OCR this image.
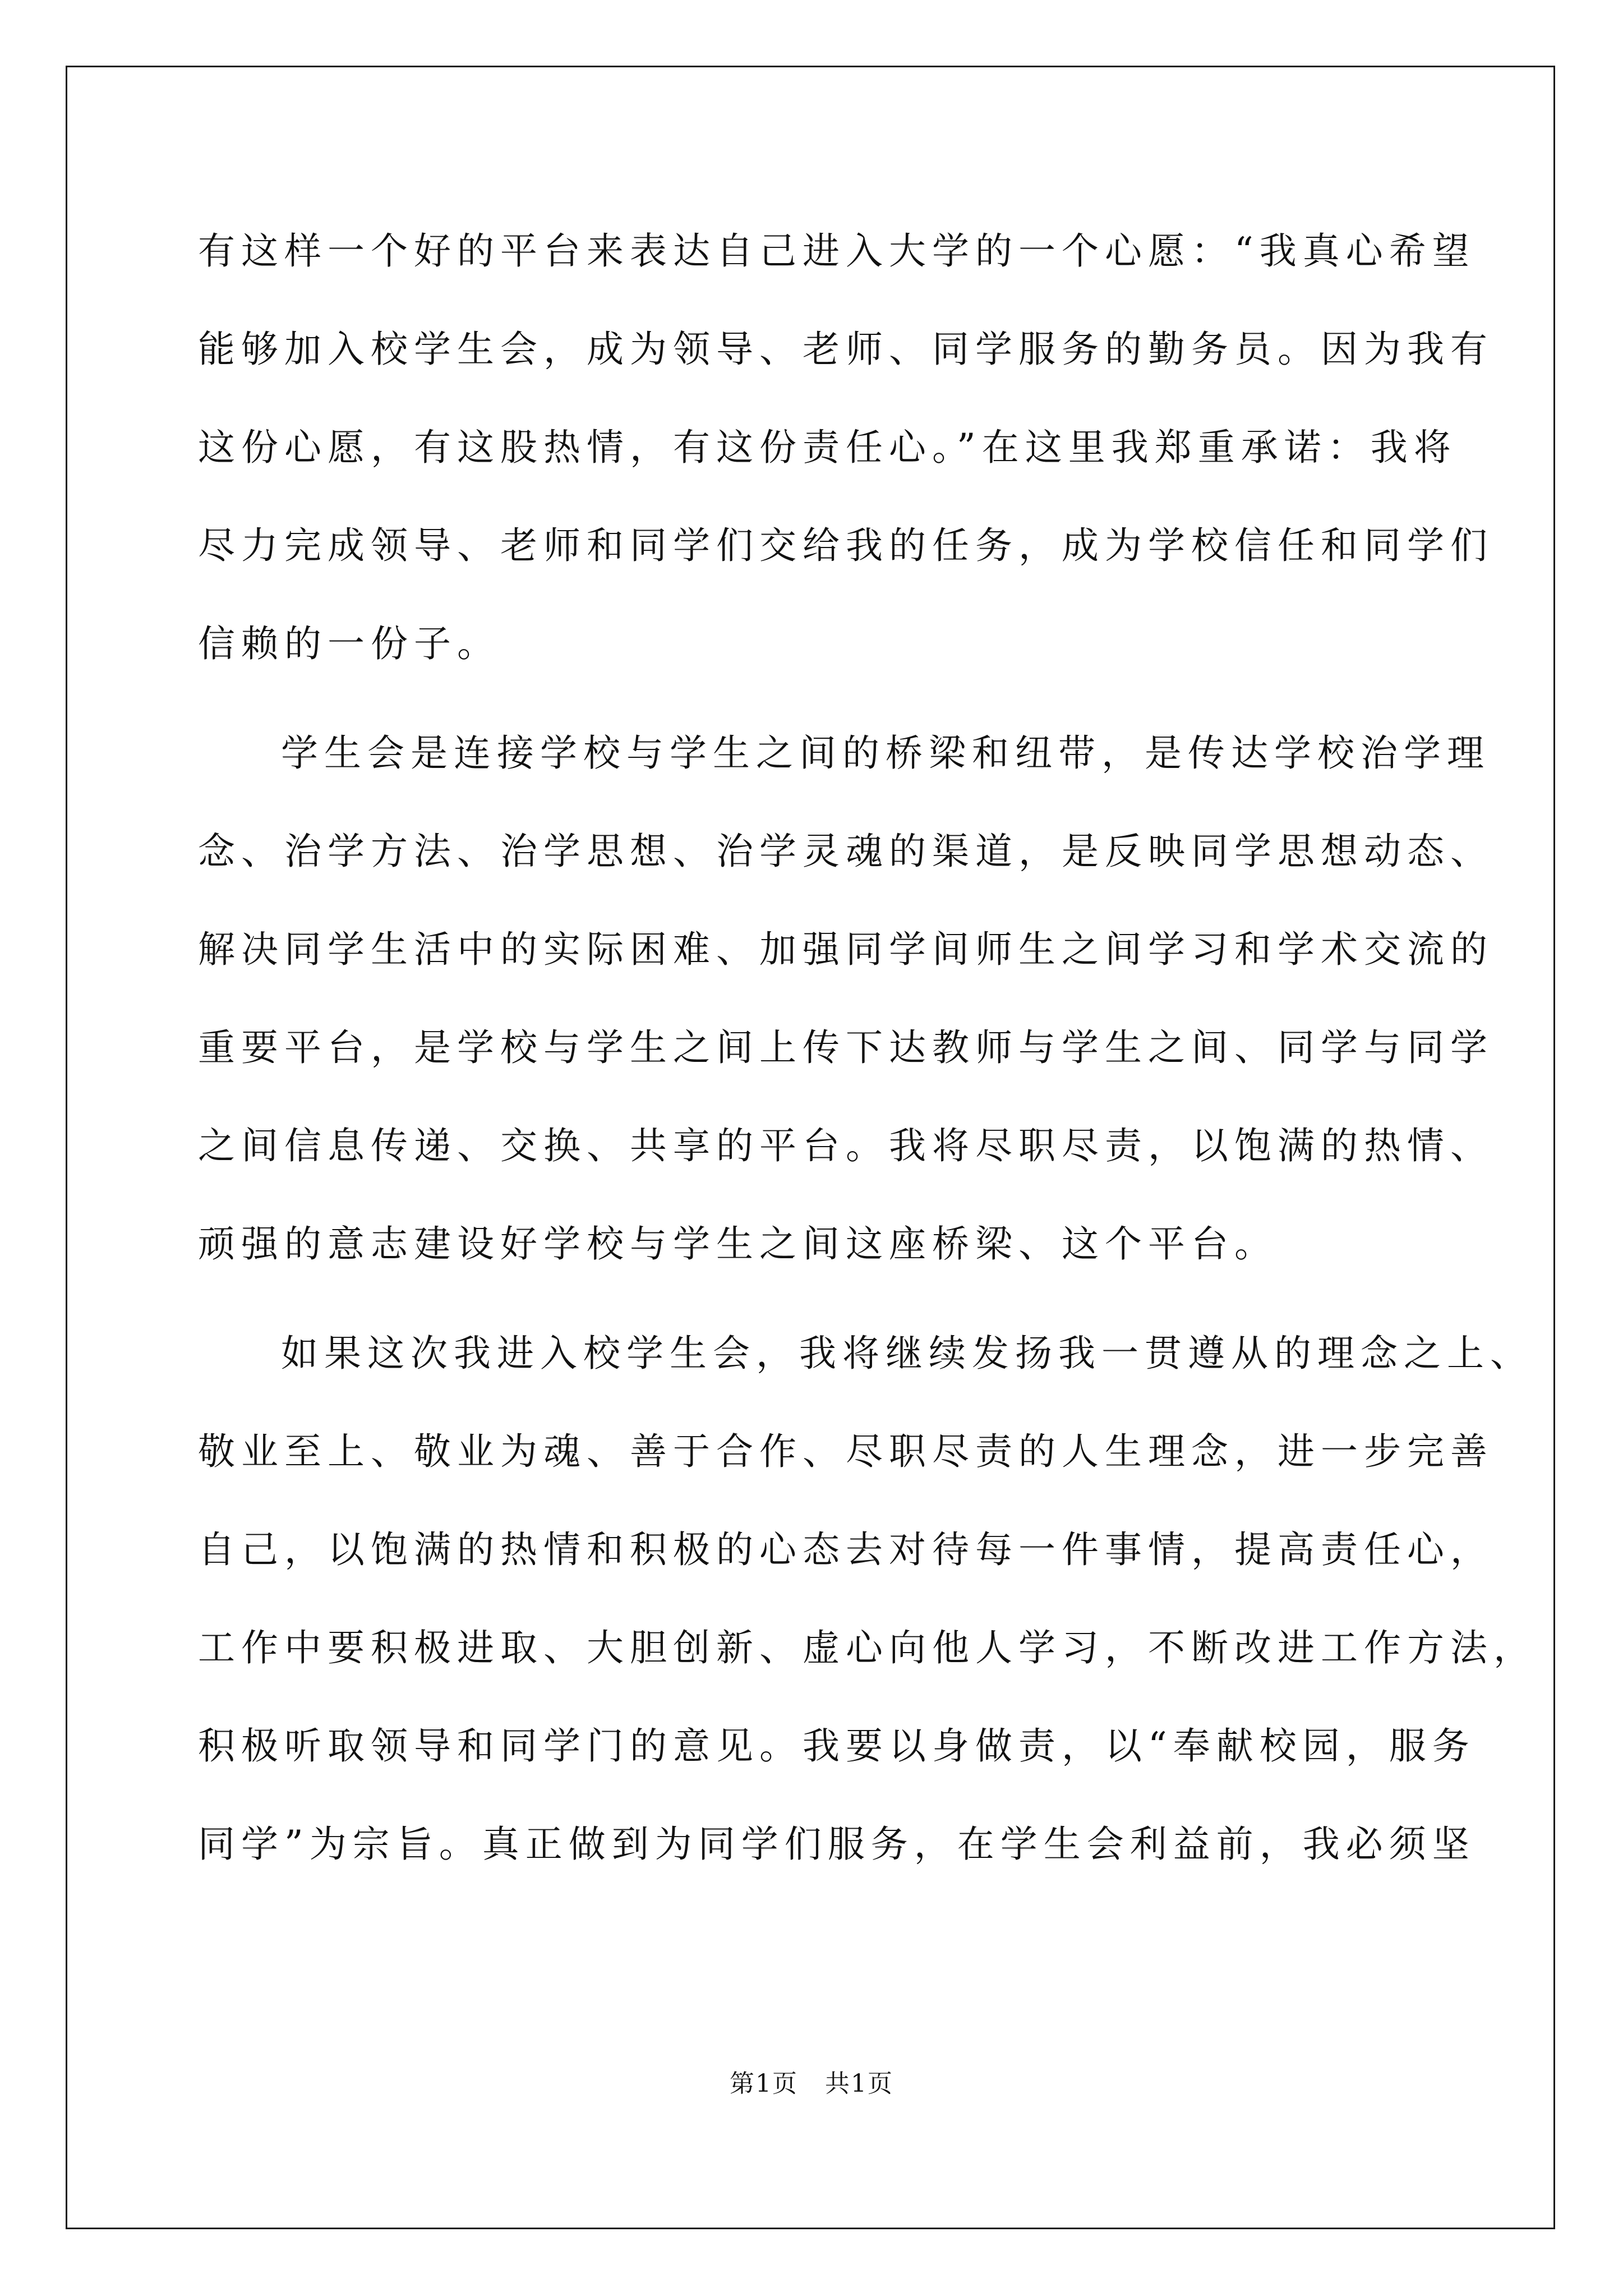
有这样一个好的平台来表达自己进入大学的一个心愿：“我真心希望
能够加入校学生会，成为领导、老师、同学服务的勤务员。因为我有
这份心愿，有这股热情，有这份责任心。”在这里我郑重承诺：我将
尽力完成领导、老师和同学们交给我的任务，成为学校信任和同学们
信赖的一份子。
学生会是连接学校与学生之间的桥梁和纽带，是传达学校治学理
念、治学方法、治学思想、治学灵魂的渠道，是反映同学思想动态、
解决同学生活中的实际困难、加强同学间师生之间学习和学术交流的
重要平台，是学校与学生之间上传下达教师与学生之间、同学与同学
之间信息传递、交换、共享的平台。我将尽职尽责，以饱满的热情、
顽强的意志建设好学校与学生之间这座桥梁、这个平台。
如果这次我进入校学生会，我将继续发扬我一贯遵从的理念之上、
敬业至上、敬业为魂、善于合作、尽职尽责的人生理念，进一步完善
自己，以饱满的热情和积极的心态去对待每一件事情，提高责任心，
工作中要积极进取、大胆创新、虚心向他人学习，不断改进工作方法，
积极听取领导和同学门的意见。我要以身做责，以“奉献校园，服务
同学”为宗旨。真正做到为同学们服务，在学生会利益前，我必须坚
第1页 共1页
